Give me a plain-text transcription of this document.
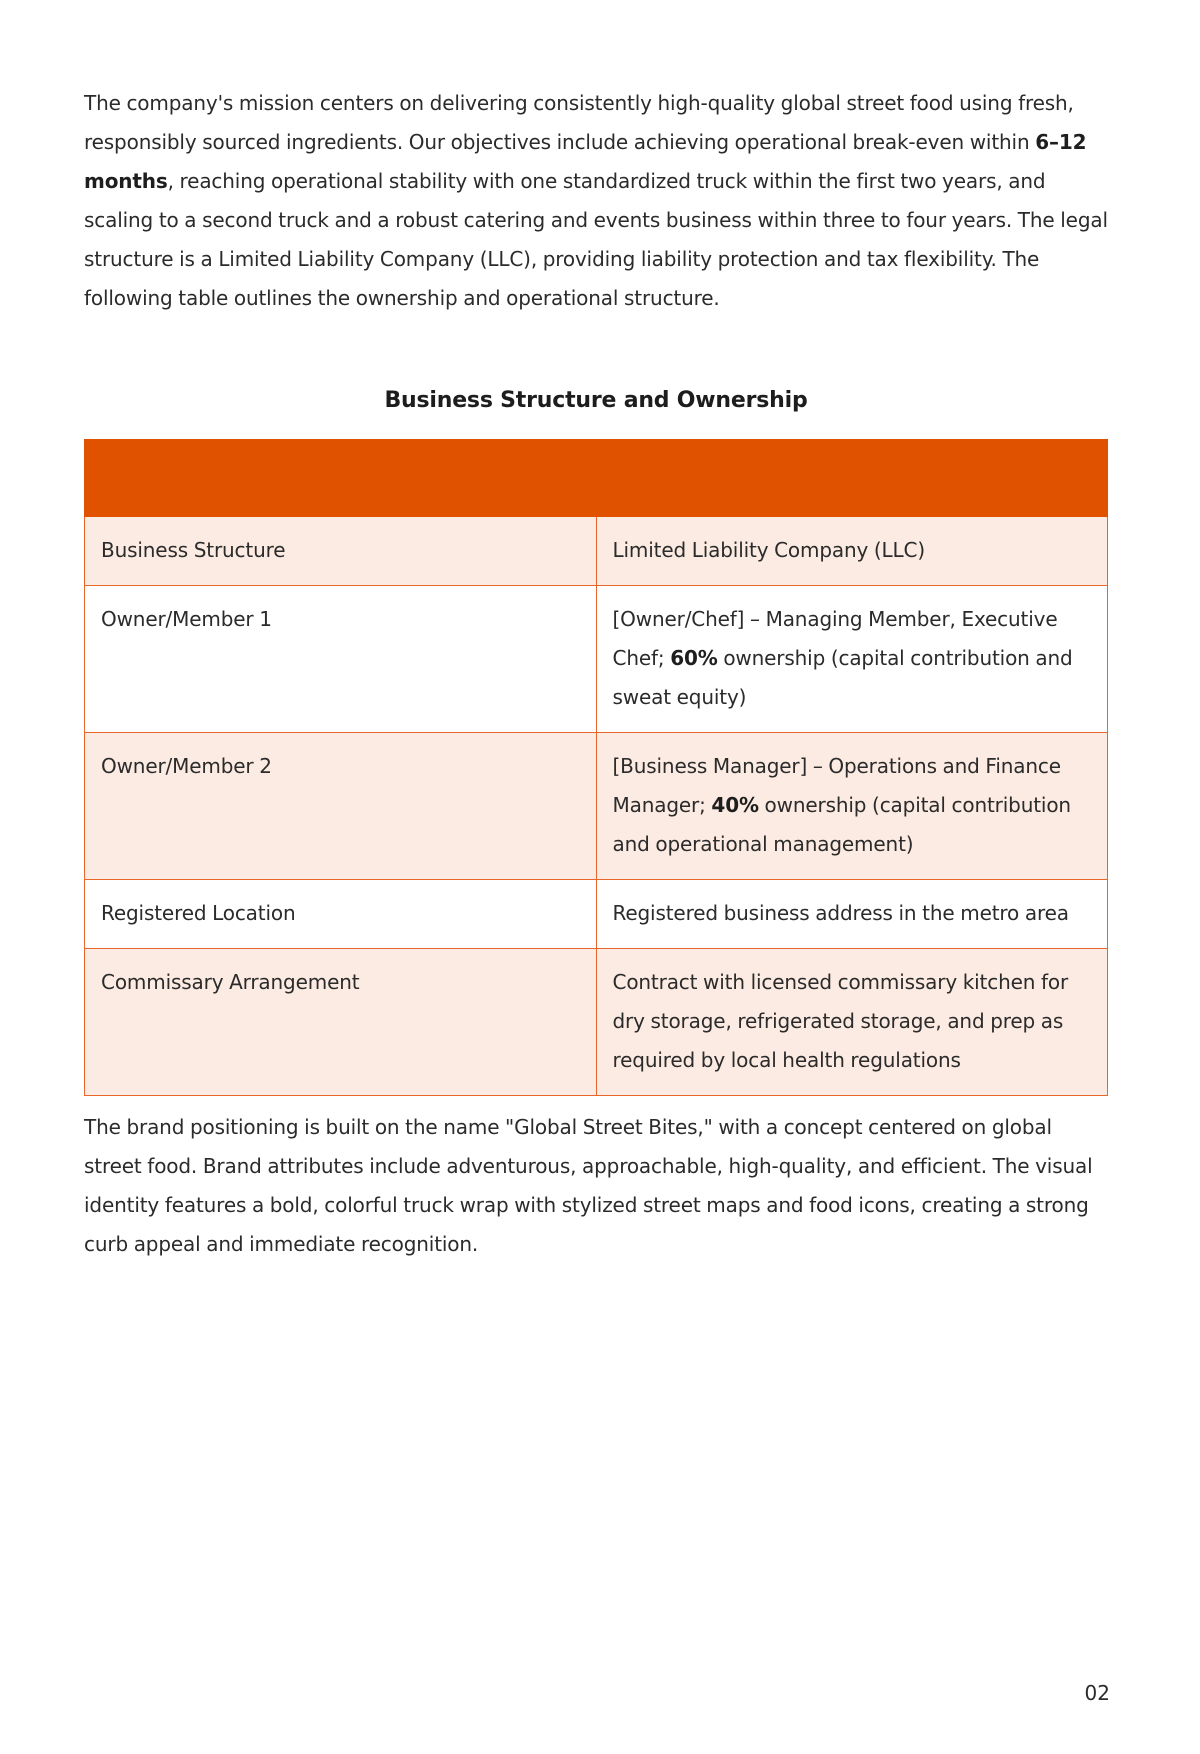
The company's mission centers on delivering consistently high-quality global street food using fresh, responsibly sourced ingredients. Our objectives include achieving operational break-even within 6–12 months, reaching operational stability with one standardized truck within the first two years, and scaling to a second truck and a robust catering and events business within three to four years. The legal structure is a Limited Liability Company (LLC), providing liability protection and tax flexibility. The following table outlines the ownership and operational structure.

Business Structure and Ownership

Business Structure	Limited Liability Company (LLC)
Owner/Member 1	[Owner/Chef] – Managing Member, Executive Chef; 60% ownership (capital contribution and sweat equity)
Owner/Member 2	[Business Manager] – Operations and Finance Manager; 40% ownership (capital contribution and operational management)
Registered Location	Registered business address in the metro area
Commissary Arrangement	Contract with licensed commissary kitchen for dry storage, refrigerated storage, and prep as required by local health regulations

The brand positioning is built on the name "Global Street Bites," with a concept centered on global street food. Brand attributes include adventurous, approachable, high-quality, and efficient. The visual identity features a bold, colorful truck wrap with stylized street maps and food icons, creating a strong curb appeal and immediate recognition.

02
